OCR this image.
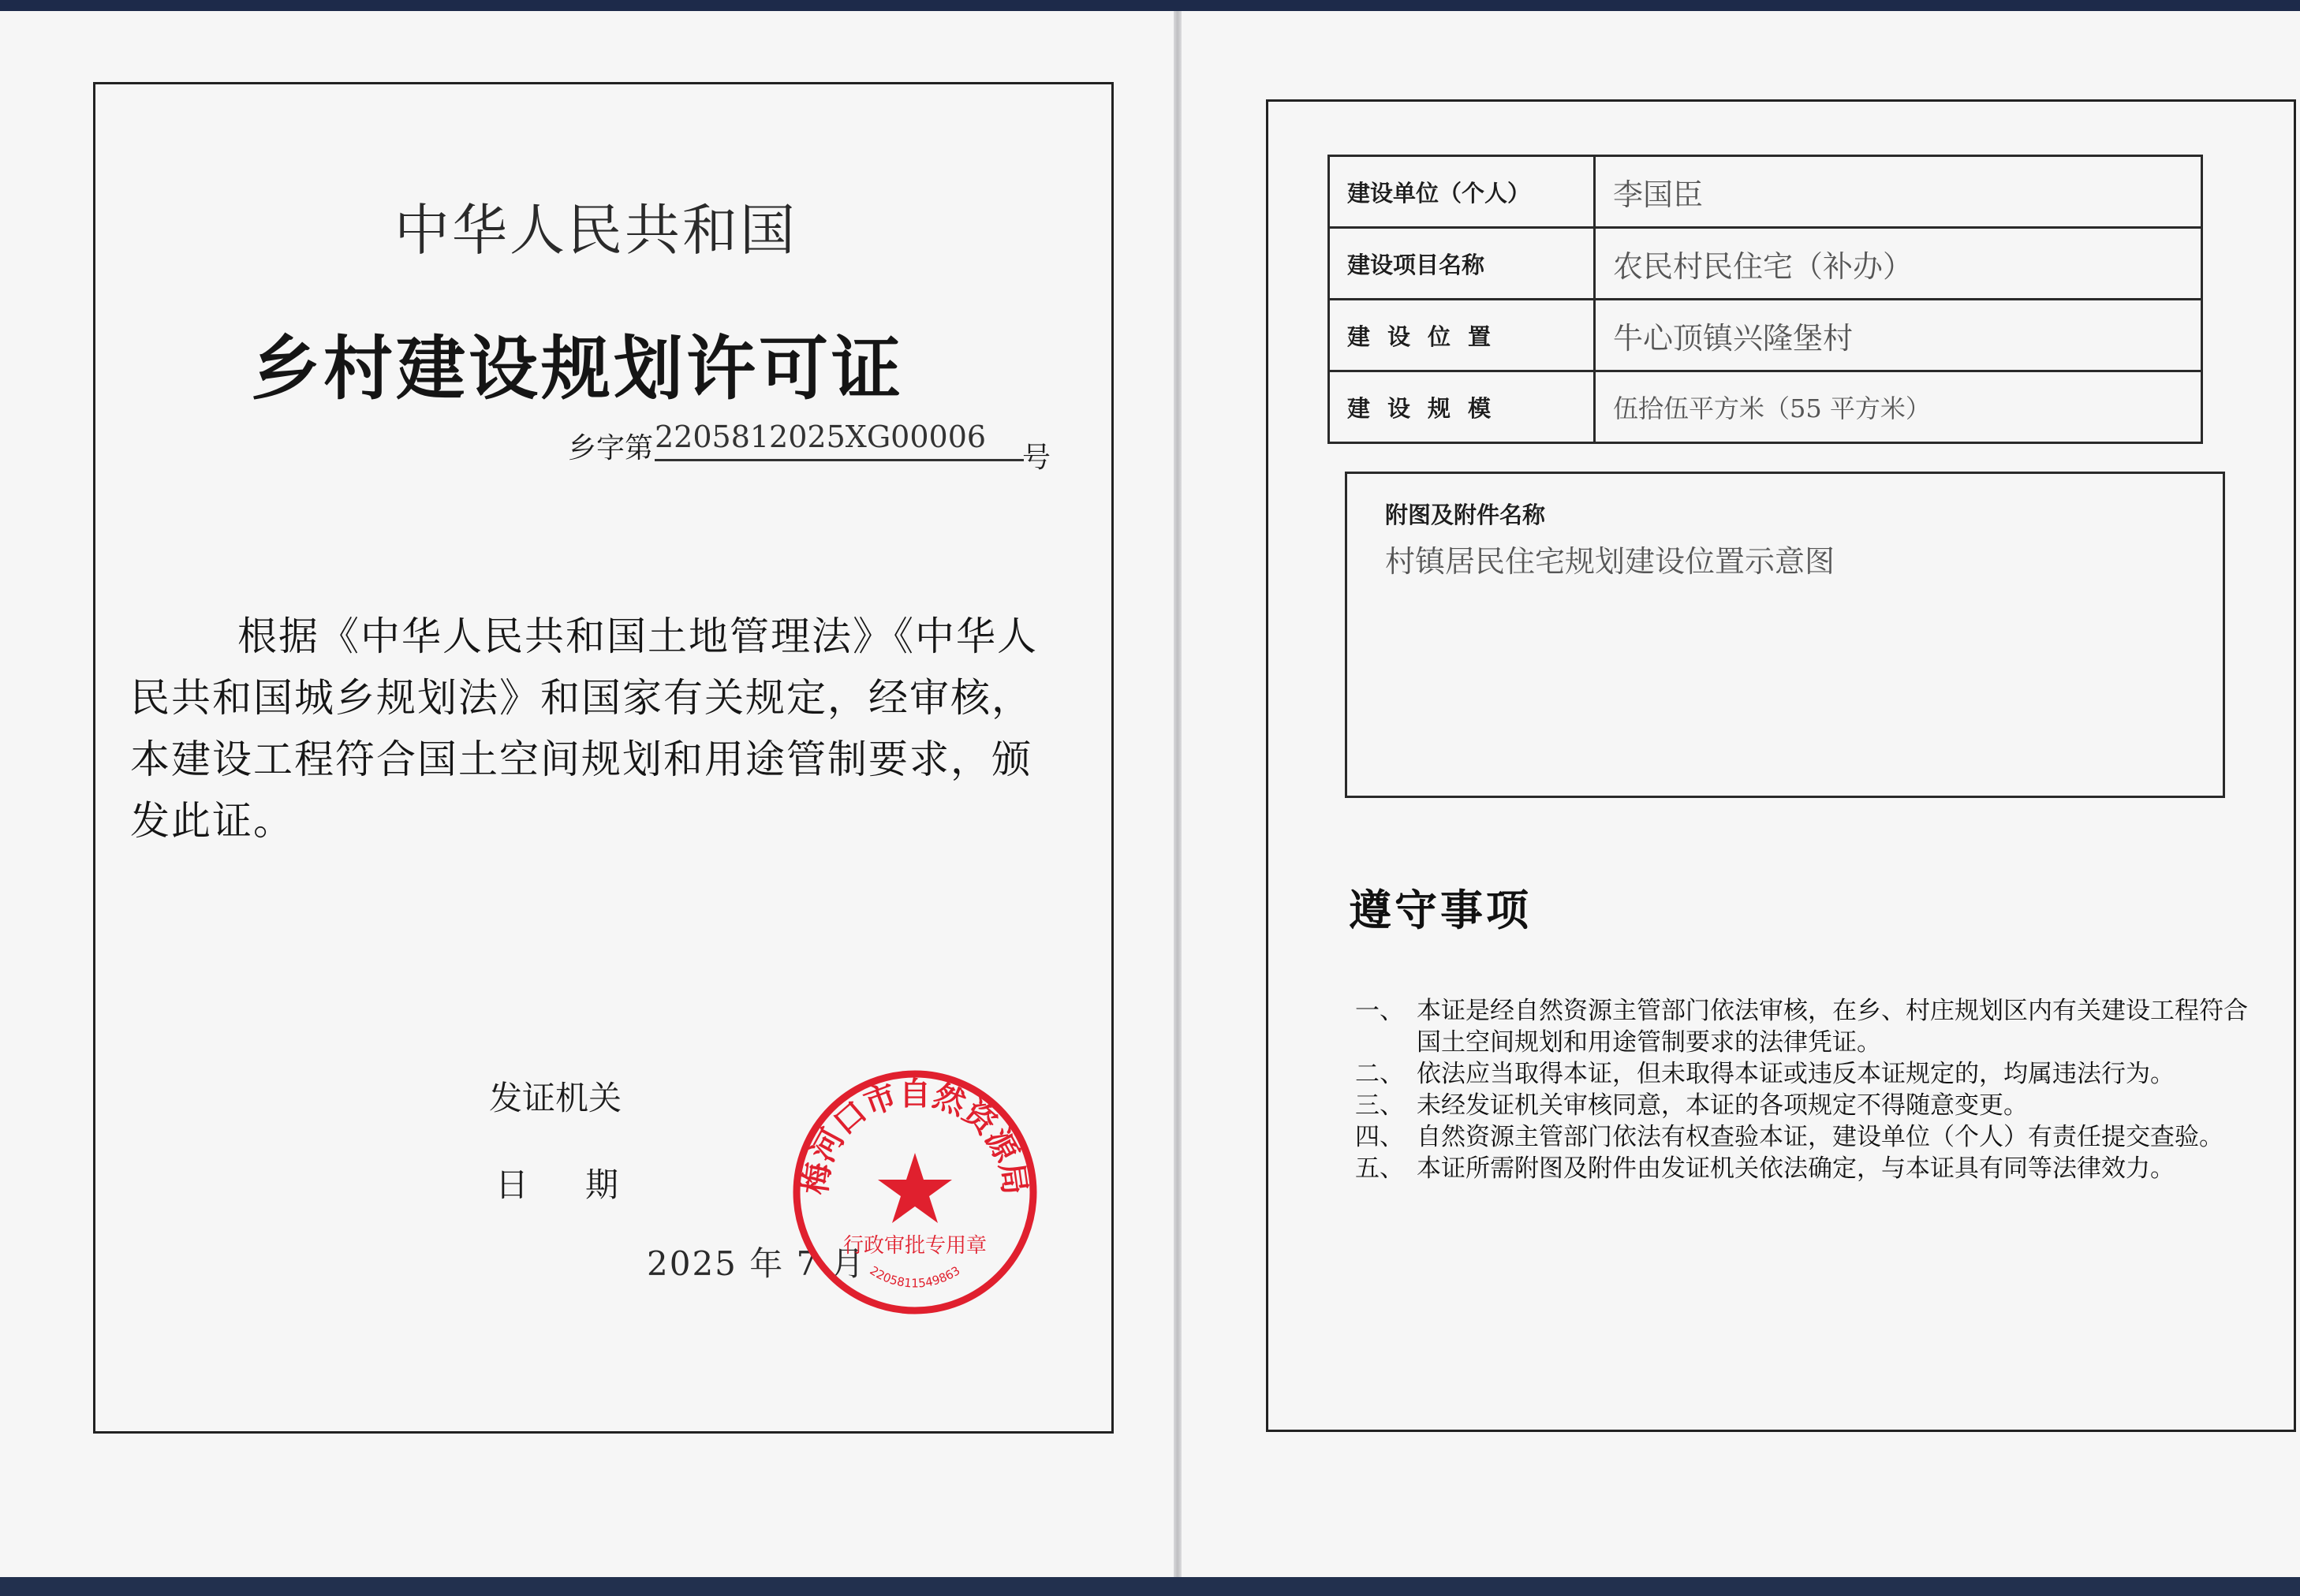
中华人民共和国
乡村建设规划许可证
乡字第 2205812025XG00006
号
根据《中华人民共和国土地管理法》《中华人民共和国城乡规划法》和国家有关规定，经审核，本建设工程符合国土空间规划和用途管制要求，颁发此证。
发证机关
日期
2025 年 7 月
梅河口市自然资源局
行政审批专用章
2205811549863
建设单位（个人）	李国臣
建设项目名称	农民村民住宅（补办）
建设位置	牛心顶镇兴隆堡村
建设规模	伍拾伍平方米（55 平方米）
附图及附件名称
村镇居民住宅规划建设位置示意图
遵守事项
一、 本证是经自然资源主管部门依法审核，在乡、村庄规划区内有关建设工程符合国土空间规划和用途管制要求的法律凭证。
二、 依法应当取得本证，但未取得本证或违反本证规定的，均属违法行为。
三、 未经发证机关审核同意，本证的各项规定不得随意变更。
四、 自然资源主管部门依法有权查验本证，建设单位（个人）有责任提交查验。
五、 本证所需附图及附件由发证机关依法确定，与本证具有同等法律效力。
